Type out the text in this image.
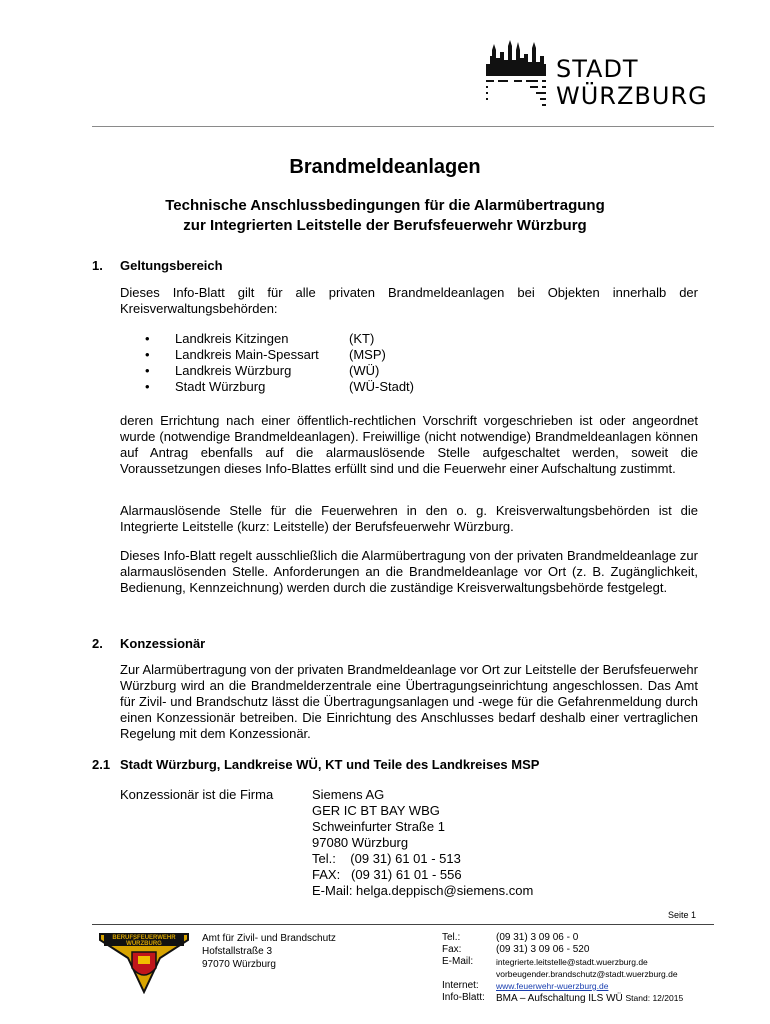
STADT
WÜRZBURG
Brandmeldeanlagen
Technische Anschlussbedingungen für die Alarmübertragung
zur Integrierten Leitstelle der Berufsfeuerwehr Würzburg
1. Geltungsbereich
Dieses Info-Blatt gilt für alle privaten Brandmeldeanlagen bei Objekten innerhalb der Kreisverwaltungsbehörden:
• Landkreis Kitzingen	(KT)
• Landkreis Main-Spessart (MSP)
• Landkreis Würzburg	(WÜ)
• Stadt Würzburg	(WÜ-Stadt)
deren Errichtung nach einer öffentlich-rechtlichen Vorschrift vorgeschrieben ist oder angeordnet wurde (notwendige Brandmeldeanlagen). Freiwillige (nicht notwendige) Brandmeldeanlagen können auf Antrag ebenfalls auf die alarmauslösende Stelle aufgeschaltet werden, soweit die Voraussetzungen dieses Info-Blattes erfüllt sind und die Feuerwehr einer Aufschaltung zustimmt.
Alarmauslösende Stelle für die Feuerwehren in den o. g. Kreisverwaltungsbehörden ist die Integrierte Leitstelle (kurz: Leitstelle) der Berufsfeuerwehr Würzburg.
Dieses Info-Blatt regelt ausschließlich die Alarmübertragung von der privaten Brandmeldeanlage zur alarmauslösenden Stelle. Anforderungen an die Brandmeldeanlage vor Ort (z. B. Zugänglichkeit, Bedienung, Kennzeichnung) werden durch die zuständige Kreisverwaltungsbehörde festgelegt.
2. Konzessionär
Zur Alarmübertragung von der privaten Brandmeldeanlage vor Ort zur Leitstelle der Berufsfeuerwehr Würzburg wird an die Brandmelderzentrale eine Übertragungseinrichtung angeschlossen. Das Amt für Zivil- und Brandschutz lässt die Übertragungsanlagen und -wege für die Gefahrenmeldung durch einen Konzessionär betreiben. Die Einrichtung des Anschlusses bedarf deshalb einer vertraglichen Regelung mit dem Konzessionär.
2.1 Stadt Würzburg, Landkreise WÜ, KT und Teile des Landkreises MSP
Konzessionär ist die Firma	Siemens AG
GER IC BT BAY WBG
Schweinfurter Straße 1
97080 Würzburg
Tel.:    (09 31) 61 01 - 513
FAX:   (09 31) 61 01 - 556
E-Mail: helga.deppisch@siemens.com
Seite 1
BERUFSFEUERWEHR
WÜRZBURG	Amt für Zivil- und Brandschutz
Hofstallstraße 3
97070 Würzburg
Tel.:	(09 31) 3 09 06 - 0
Fax:	(09 31) 3 09 06 - 520
E-Mail:	integrierte.leitstelle@stadt.wuerzburg.de
vorbeugender.brandschutz@stadt.wuerzburg.de
Internet: www.feuerwehr-wuerzburg.de
Info-Blatt: BMA – Aufschaltung ILS WÜ Stand: 12/2015
